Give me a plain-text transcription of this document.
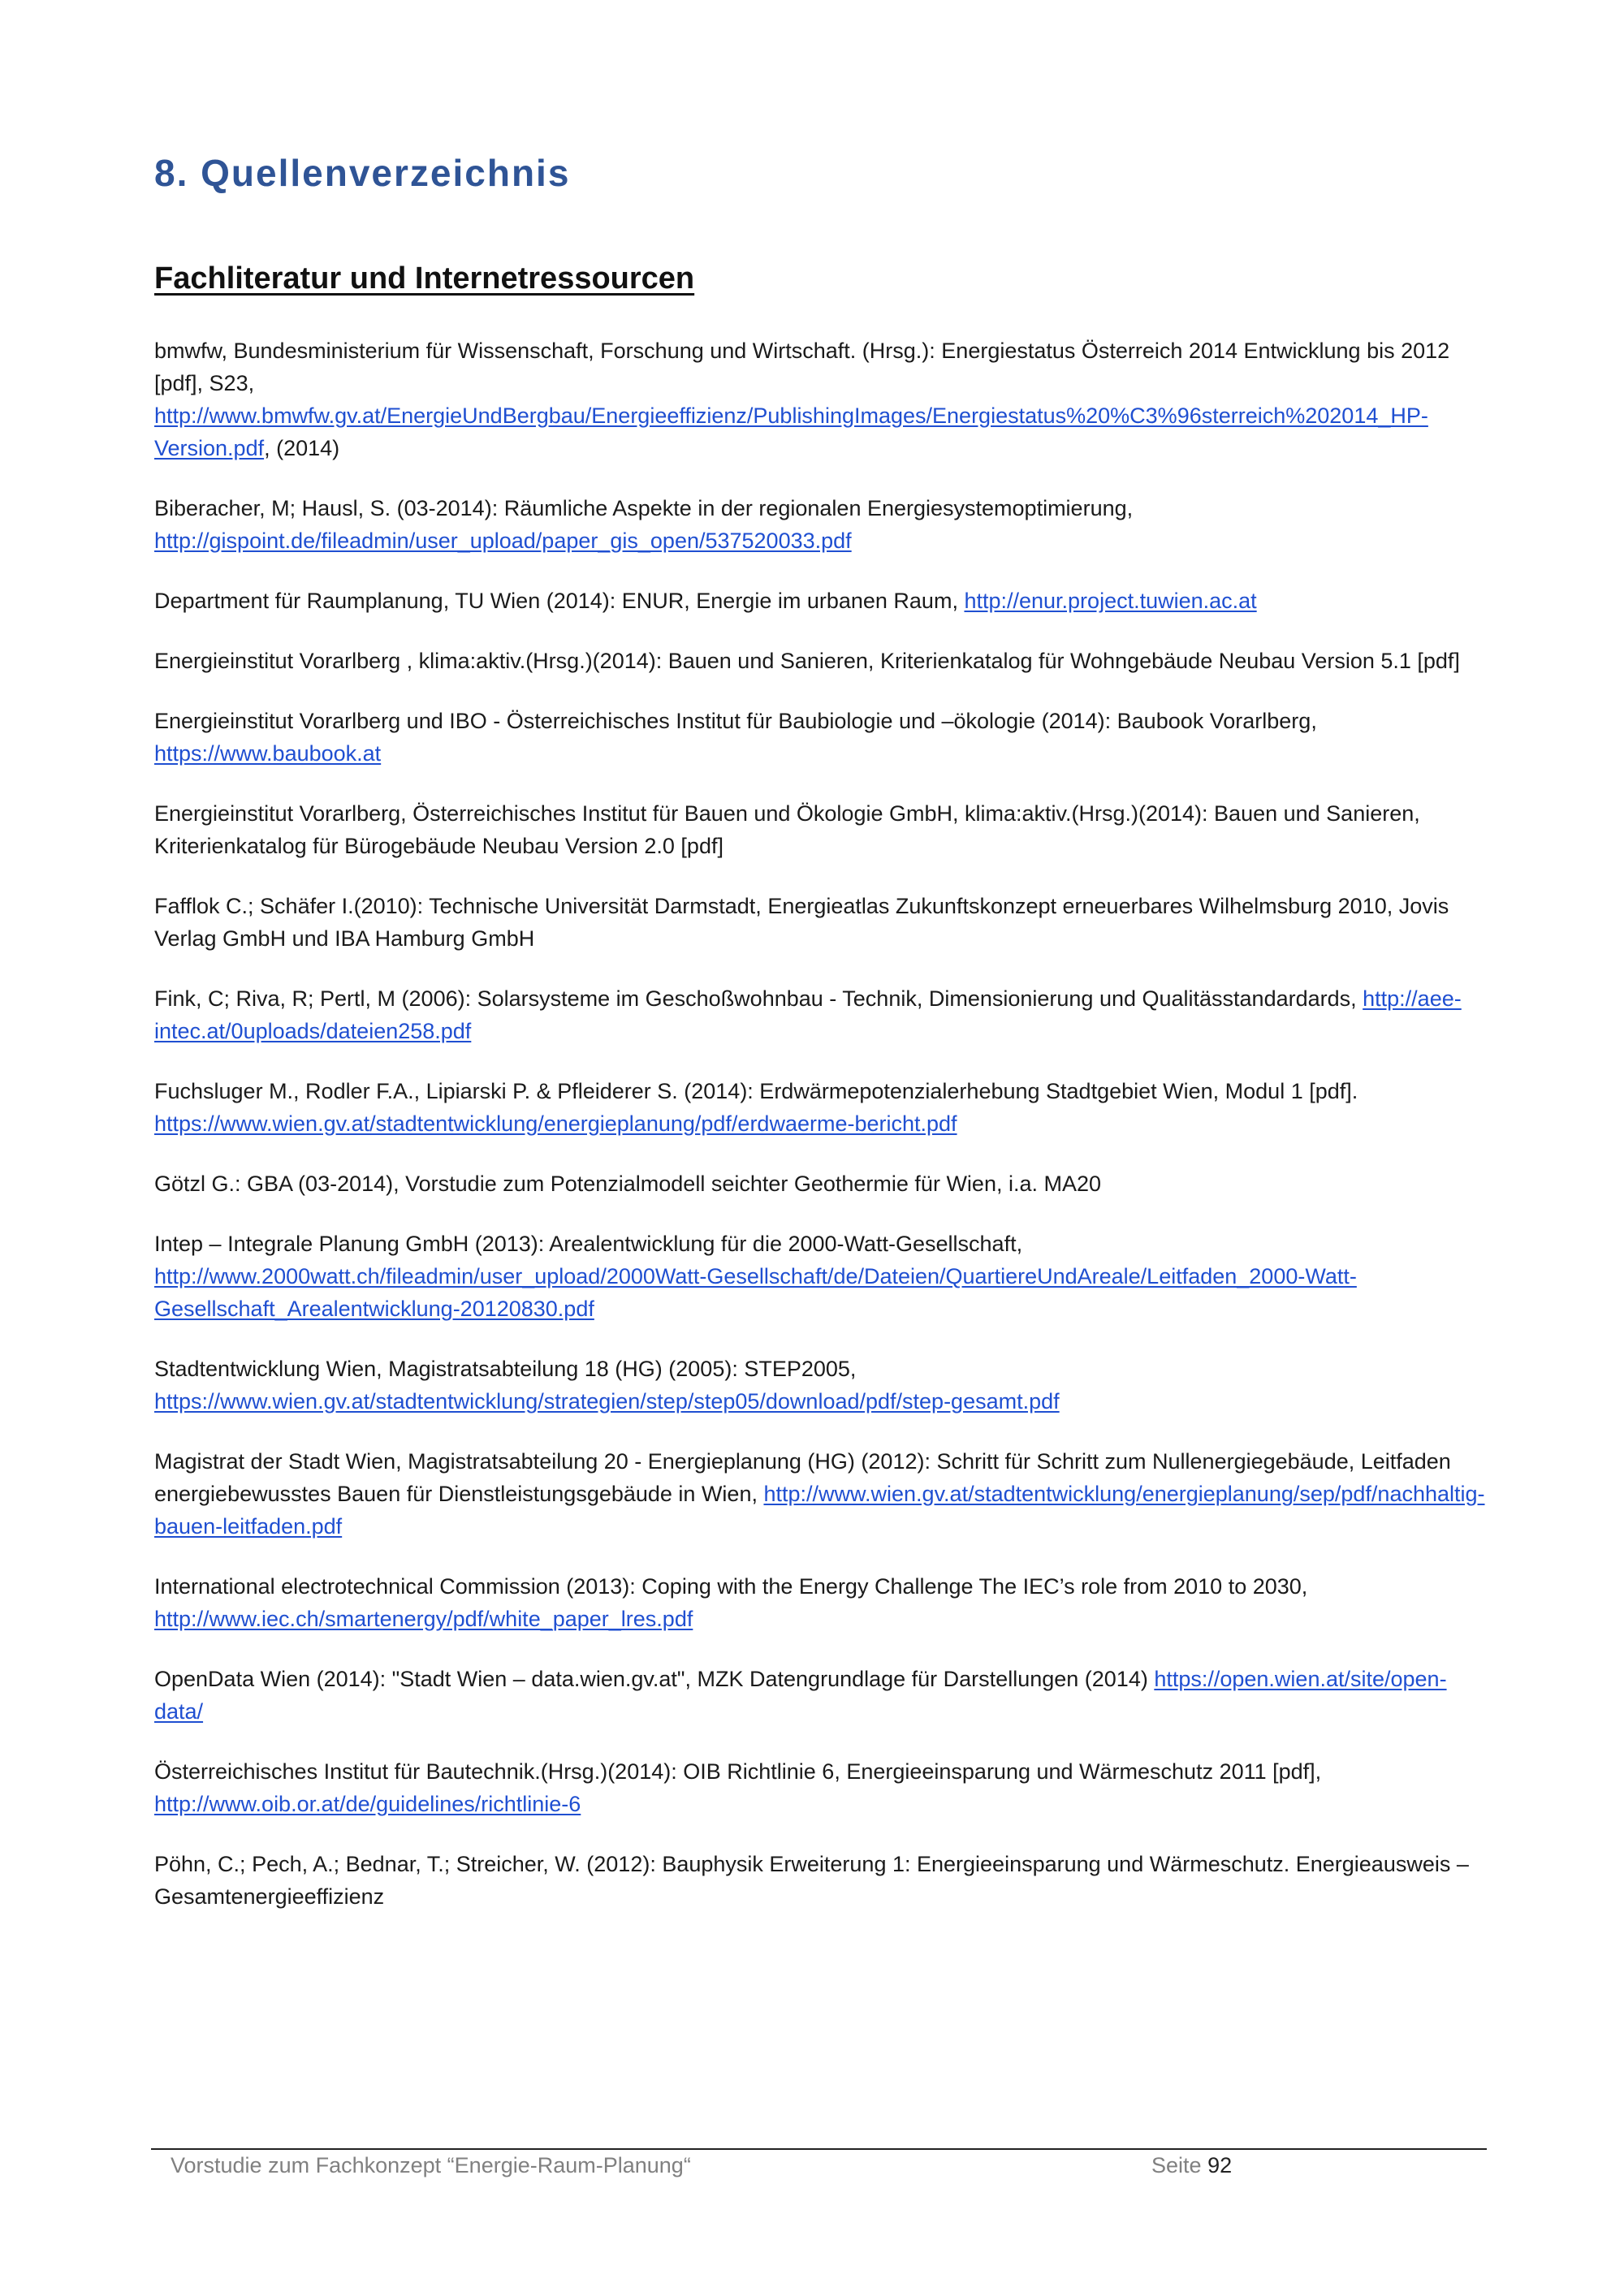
8. Quellenverzeichnis
Fachliteratur und Internetressourcen
bmwfw, Bundesministerium für Wissenschaft, Forschung und Wirtschaft. (Hrsg.): Energiestatus Österreich 2014 Entwicklung bis 2012 [pdf], S23, http://www.bmwfw.gv.at/EnergieUndBergbau/Energieeffizienz/PublishingImages/Energiestatus%20%C3%96sterreich%202014_HP-Version.pdf, (2014)
Biberacher, M; Hausl, S. (03-2014): Räumliche Aspekte in der regionalen Energiesystemoptimierung, http://gispoint.de/fileadmin/user_upload/paper_gis_open/537520033.pdf
Department für Raumplanung, TU Wien (2014): ENUR, Energie im urbanen Raum, http://enur.project.tuwien.ac.at
Energieinstitut Vorarlberg , klima:aktiv.(Hrsg.)(2014): Bauen und Sanieren, Kriterienkatalog für Wohngebäude Neubau Version 5.1 [pdf]
Energieinstitut Vorarlberg und IBO - Österreichisches Institut für Baubiologie und –ökologie (2014): Baubook Vorarlberg, https://www.baubook.at
Energieinstitut Vorarlberg, Österreichisches Institut für Bauen und Ökologie GmbH, klima:aktiv.(Hrsg.)(2014): Bauen und Sanieren, Kriterienkatalog für Bürogebäude Neubau Version 2.0 [pdf]
Fafflok C.; Schäfer I.(2010): Technische Universität Darmstadt, Energieatlas Zukunftskonzept erneuerbares Wilhelmsburg 2010, Jovis Verlag GmbH und IBA Hamburg GmbH
Fink, C; Riva, R; Pertl, M (2006): Solarsysteme im Geschoßwohnbau - Technik, Dimensionierung und Qualitässtandardards, http://aee-intec.at/0uploads/dateien258.pdf
Fuchsluger M., Rodler F.A., Lipiarski P. & Pfleiderer S. (2014): Erdwärmepotenzialerhebung Stadtgebiet Wien, Modul 1 [pdf]. https://www.wien.gv.at/stadtentwicklung/energieplanung/pdf/erdwaerme-bericht.pdf
Götzl G.: GBA (03-2014), Vorstudie zum Potenzialmodell seichter Geothermie für Wien, i.a. MA20
Intep – Integrale Planung GmbH (2013): Arealentwicklung für die 2000-Watt-Gesellschaft, http://www.2000watt.ch/fileadmin/user_upload/2000Watt-Gesellschaft/de/Dateien/QuartiereUndAreale/Leitfaden_2000-Watt-Gesellschaft_Arealentwicklung-20120830.pdf
Stadtentwicklung Wien, Magistratsabteilung 18 (HG) (2005): STEP2005, https://www.wien.gv.at/stadtentwicklung/strategien/step/step05/download/pdf/step-gesamt.pdf
Magistrat der Stadt Wien, Magistratsabteilung 20 - Energieplanung (HG) (2012): Schritt für Schritt zum Nullenergiegebäude, Leitfaden energiebewusstes Bauen für Dienstleistungsgebäude in Wien, http://www.wien.gv.at/stadtentwicklung/energieplanung/sep/pdf/nachhaltig-bauen-leitfaden.pdf
International electrotechnical Commission (2013): Coping with the Energy Challenge The IEC’s role from 2010 to 2030, http://www.iec.ch/smartenergy/pdf/white_paper_lres.pdf
OpenData Wien (2014): "Stadt Wien – data.wien.gv.at", MZK Datengrundlage für Darstellungen (2014) https://open.wien.at/site/open-data/
Österreichisches Institut für Bautechnik.(Hrsg.)(2014): OIB Richtlinie 6, Energieeinsparung und Wärmeschutz 2011 [pdf], http://www.oib.or.at/de/guidelines/richtlinie-6
Pöhn, C.; Pech, A.; Bednar, T.; Streicher, W. (2012): Bauphysik Erweiterung 1: Energieeinsparung und Wärmeschutz. Energieausweis – Gesamtenergieeffizienz
Vorstudie zum Fachkonzept “Energie-Raum-Planung“	Seite 92
